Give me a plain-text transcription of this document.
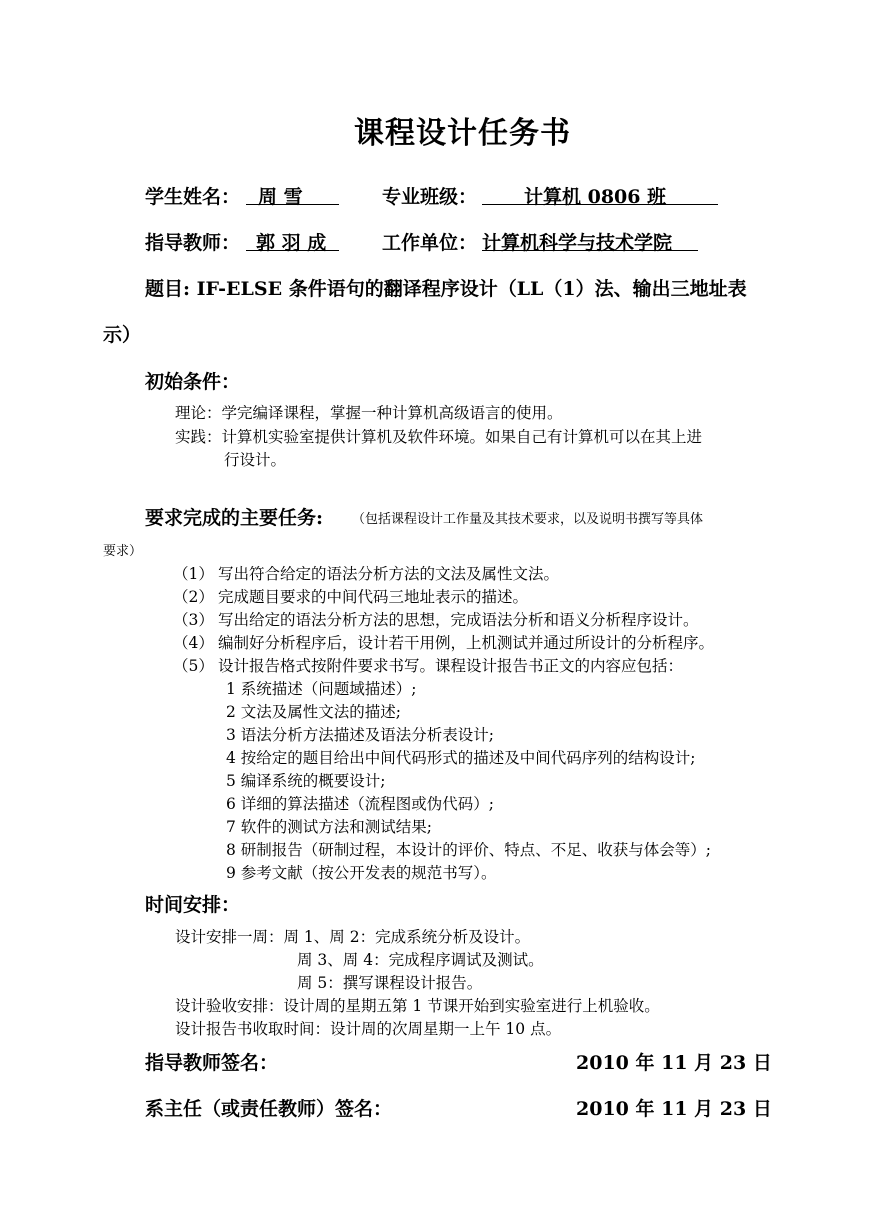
课程设计任务书
学生姓名： 周 雪	专业班级：	计算机 0806 班
指导教师： 郭 羽 成	工作单位： 计算机科学与技术学院
题目: IF-ELSE 条件语句的翻译程序设计（LL（1）法、输出三地址表
示）
初始条件：
理论：学完编译课程，掌握一种计算机高级语言的使用。
实践：计算机实验室提供计算机及软件环境。如果自己有计算机可以在其上进
行设计。
要求完成的主要任务: （包括课程设计工作量及其技术要求，以及说明书撰写等具体
要求）
（1） 写出符合给定的语法分析方法的文法及属性文法。
（2） 完成题目要求的中间代码三地址表示的描述。
（3） 写出给定的语法分析方法的思想，完成语法分析和语义分析程序设计。
（4） 编制好分析程序后，设计若干用例，上机测试并通过所设计的分析程序。
（5） 设计报告格式按附件要求书写。课程设计报告书正文的内容应包括：
1 系统描述（问题域描述）;
2 文法及属性文法的描述;
3 语法分析方法描述及语法分析表设计;
4 按给定的题目给出中间代码形式的描述及中间代码序列的结构设计;
5 编译系统的概要设计;
6 详细的算法描述（流程图或伪代码）;
7 软件的测试方法和测试结果;
8 研制报告（研制过程，本设计的评价、特点、不足、收获与体会等）;
9 参考文献（按公开发表的规范书写）。
时间安排：
设计安排一周：周 1、周 2：完成系统分析及设计。
周 3、周 4：完成程序调试及测试。
周 5：撰写课程设计报告。
设计验收安排：设计周的星期五第 1 节课开始到实验室进行上机验收。
设计报告书收取时间：设计周的次周星期一上午 10 点。
指导教师签名：	2010 年 11 月 23 日
系主任（或责任教师）签名：	2010 年 11 月 23 日
